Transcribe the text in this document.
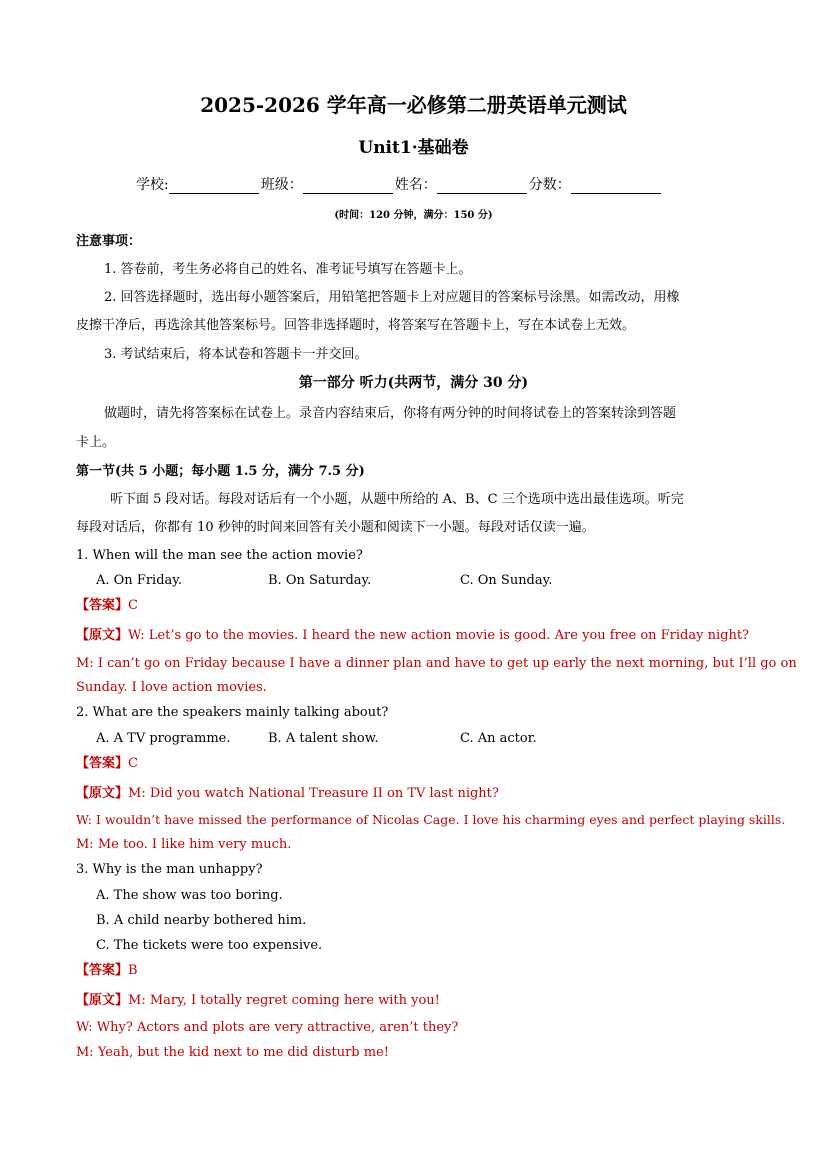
2025-2026 学年高一必修第二册英语单元测试
Unit1·基础卷
学校:	班级：	姓名：	分数：
(时间：120 分钟，满分：150 分)
注意事项：
1. 答卷前，考生务必将自己的姓名、准考证号填写在答题卡上。
2. 回答选择题时，选出每小题答案后，用铅笔把答题卡上对应题目的答案标号涂黑。如需改动，用橡
皮擦干净后，再选涂其他答案标号。回答非选择题时，将答案写在答题卡上，写在本试卷上无效。
3. 考试结束后，将本试卷和答题卡一并交回。
第一部分 听力(共两节，满分 30 分)
做题时，请先将答案标在试卷上。录音内容结束后，你将有两分钟的时间将试卷上的答案转涂到答题
卡上。
第一节(共 5 小题；每小题 1.5 分，满分 7.5 分)
听下面 5 段对话。每段对话后有一个小题，从题中所给的 A、B、C 三个选项中选出最佳选项。听完
每段对话后，你都有 10 秒钟的时间来回答有关小题和阅读下一小题。每段对话仅读一遍。
1. When will the man see the action movie?
A. On Friday.	B. On Saturday.	C. On Sunday.
【答案】C
【原文】W: Let’s go to the movies. I heard the new action movie is good. Are you free on Friday night?
M: I can’t go on Friday because I have a dinner plan and have to get up early the next morning, but I’ll go on
Sunday. I love action movies.
2. What are the speakers mainly talking about?
A. A TV programme.	B. A talent show.	C. An actor.
【答案】C
【原文】M: Did you watch National Treasure II on TV last night?
W: I wouldn’t have missed the performance of Nicolas Cage. I love his charming eyes and perfect playing skills.
M: Me too. I like him very much.
3. Why is the man unhappy?
A. The show was too boring.
B. A child nearby bothered him.
C. The tickets were too expensive.
【答案】B
【原文】M: Mary, I totally regret coming here with you!
W: Why? Actors and plots are very attractive, aren’t they?
M: Yeah, but the kid next to me did disturb me!
